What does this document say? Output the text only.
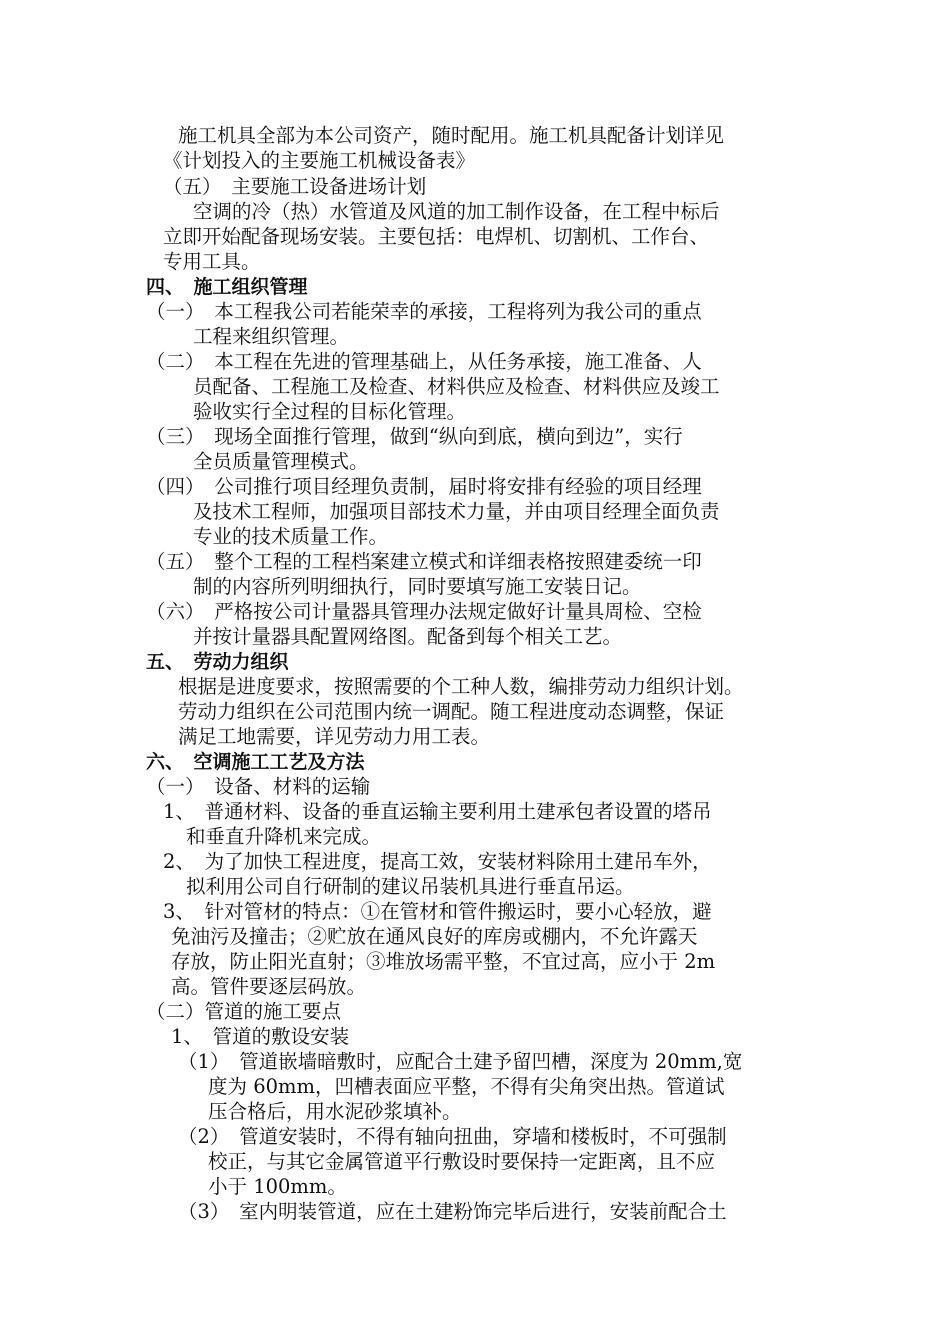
施工机具全部为本公司资产，随时配用。施工机具配备计划详见
《计划投入的主要施工机械设备表》
（五）　主要施工设备进场计划
空调的冷（热）水管道及风道的加工制作设备，在工程中标后
立即开始配备现场安装。主要包括：电焊机、切割机、工作台、
专用工具。
四、　施工组织管理
（一）　本工程我公司若能荣幸的承接，工程将列为我公司的重点
工程来组织管理。
（二）　本工程在先进的管理基础上，从任务承接，施工准备、人
员配备、工程施工及检查、材料供应及检查、材料供应及竣工
验收实行全过程的目标化管理。
（三）　现场全面推行管理，做到“纵向到底，横向到边”，实行
全员质量管理模式。
（四）　公司推行项目经理负责制，届时将安排有经验的项目经理
及技术工程师，加强项目部技术力量，并由项目经理全面负责
专业的技术质量工作。
（五）　整个工程的工程档案建立模式和详细表格按照建委统一印
制的内容所列明细执行，同时要填写施工安装日记。
（六）　严格按公司计量器具管理办法规定做好计量具周检、空检
并按计量器具配置网络图。配备到每个相关工艺。
五、　劳动力组织
根据是进度要求，按照需要的个工种人数，编排劳动力组织计划。
劳动力组织在公司范围内统一调配。随工程进度动态调整，保证
满足工地需要，详见劳动力用工表。
六、　空调施工工艺及方法
（一）　设备、材料的运输
1、　普通材料、设备的垂直运输主要利用土建承包者设置的塔吊
和垂直升降机来完成。
2、　为了加快工程进度，提高工效，安装材料除用土建吊车外，
拟利用公司自行研制的建议吊装机具进行垂直吊运。
3、　针对管材的特点：①在管材和管件搬运时，要小心轻放，避
免油污及撞击；②贮放在通风良好的库房或棚内，不允许露天
存放，防止阳光直射；③堆放场需平整，不宜过高，应小于 2m
高。管件要逐层码放。
（二）管道的施工要点
1、　管道的敷设安装
（1）　管道嵌墙暗敷时，应配合土建予留凹槽，深度为 20mm,宽
度为 60mm，凹槽表面应平整，不得有尖角突出热。管道试
压合格后，用水泥砂浆填补。
（2）　管道安装时，不得有轴向扭曲，穿墙和楼板时，不可强制
校正，与其它金属管道平行敷设时要保持一定距离，且不应
小于 100mm。
（3）　室内明装管道，应在土建粉饰完毕后进行，安装前配合土
